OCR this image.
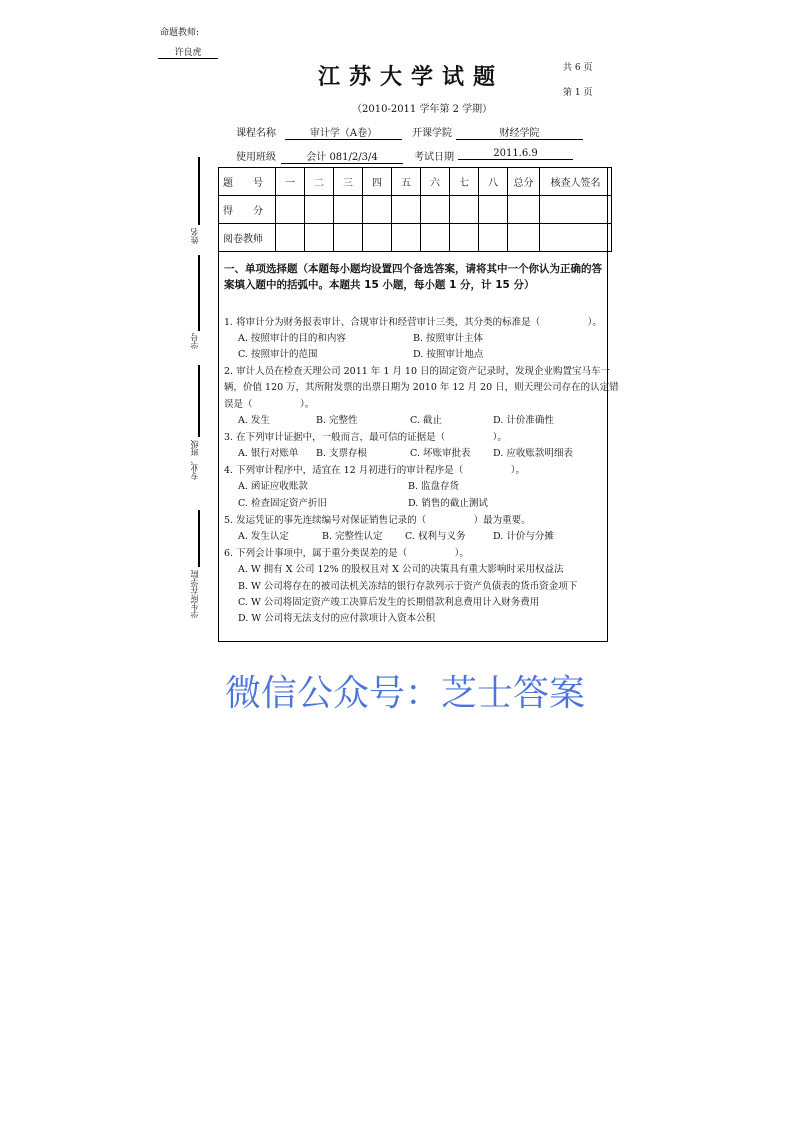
命题教师:
许良虎
江苏大学试题	共 6 页
第 1 页
（2010-2011 学年第 2 学期）
课程名称	审计学（A卷）	开课学院	财经学院
使用班级	会计 081/2/3/4	考试日期	2011.6.9
姓名
学号
专业、班级
学生所在学院
题　　号	一	二	三	四	五	六	七	八	总分	核查人签名
得　　分										
阅卷教师										
一、单项选择题（本题每小题均设置四个备选答案，请将其中一个你认为正确的答案填入题中的括弧中。本题共 15 小题，每小题 1 分，计 15 分）
1. 将审计分为财务报表审计、合规审计和经营审计三类，其分类的标准是（　　　　　）。
A. 按照审计的目的和内容	B. 按照审计主体
C. 按照审计的范围	D. 按照审计地点
2. 审计人员在检查天理公司 2011 年 1 月 10 日的固定资产记录时，发现企业购置宝马车一
辆，价值 120 万，其所附发票的出票日期为 2010 年 12 月 20 日，则天理公司存在的认定错
误是（　　　　　）。
A. 发生	B. 完整性	C. 截止	D. 计价准确性
3. 在下列审计证据中，一般而言，最可信的证据是（　　　　　）。
A. 银行对账单 B. 支票存根	C. 坏账审批表 D. 应收账款明细表
4. 下列审计程序中，适宜在 12 月初进行的审计程序是（　　　　　）。
A. 函证应收账款	B. 监盘存货
C. 检查固定资产折旧	D. 销售的截止测试
5. 发运凭证的事先连续编号对保证销售记录的（　　　　　）最为重要。
A. 发生认定	B. 完整性认定 C. 权利与义务	D. 计价与分摊
6. 下列会计事项中，属于重分类误差的是（　　　　　）。
A. W 拥有 X 公司 12% 的股权且对 X 公司的决策具有重大影响时采用权益法
B. W 公司将存在的被司法机关冻结的银行存款列示于资产负债表的货币资金项下
C. W 公司将固定资产竣工决算后发生的长期借款利息费用计入财务费用
D. W 公司将无法支付的应付款项计入资本公积
微信公众号：芝士答案
